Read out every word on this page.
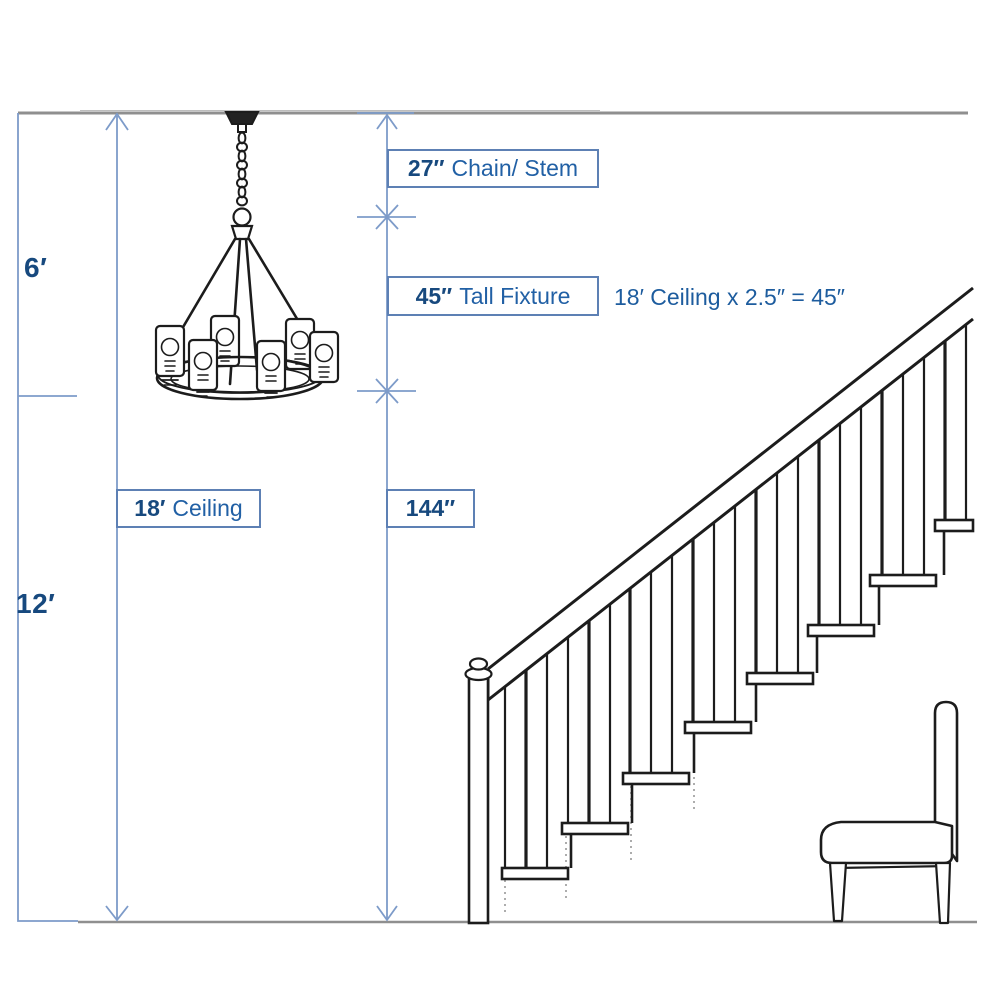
6′
12′
27″ Chain/ Stem
45″ Tall Fixture 18′ Ceiling x 2.5″ = 45″
18′ Ceiling	144″
